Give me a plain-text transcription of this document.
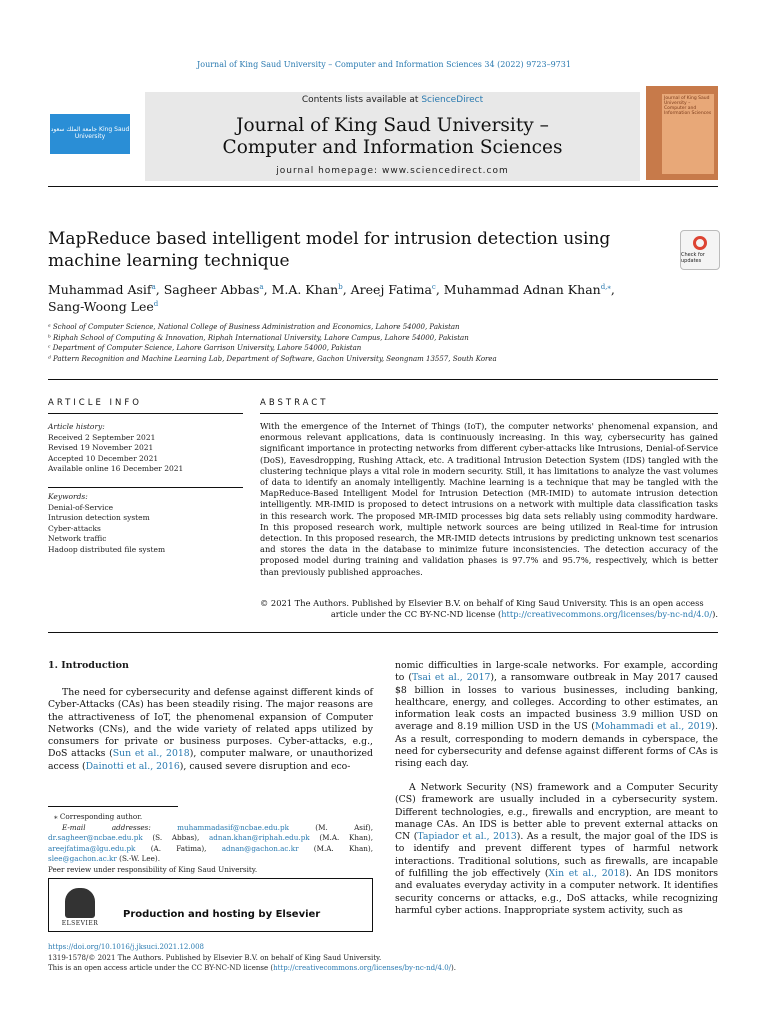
Journal of King Saud University – Computer and Information Sciences 34 (2022) 9723–9731
جامعة الملك سعود King Saud University
Contents lists available at ScienceDirect
Journal of King Saud University –
Computer and Information Sciences
journal homepage: www.sciencedirect.com
Journal of King Saud University – Computer and Information Sciences
MapReduce based intelligent model for intrusion detection using
machine learning technique	Check for updates
Muhammad Asif$^a$, Sagheer Abbas$^a$, M.A. Khan$^b$, Areej Fatima$^c$, Muhammad Adnan Khan$^{d,⁎}$,
Sang-Woong Lee$^d$
ᵃ School of Computer Science, National College of Business Administration and Economics, Lahore 54000, Pakistan
ᵇ Riphah School of Computing & Innovation, Riphah International University, Lahore Campus, Lahore 54000, Pakistan
ᶜ Department of Computer Science, Lahore Garrison University, Lahore 54000, Pakistan
ᵈ Pattern Recognition and Machine Learning Lab, Department of Software, Gachon University, Seongnam 13557, South Korea
ARTICLE INFO
Article history:
Received 2 September 2021
Revised 19 November 2021
Accepted 10 December 2021
Available online 16 December 2021
Keywords:
Denial-of-Service
Intrusion detection system
Cyber-attacks
Network traffic
Hadoop distributed file system
ABSTRACT
With the emergence of the Internet of Things (IoT), the computer networks' phenomenal expansion, and enormous relevant applications, data is continuously increasing. In this way, cybersecurity has gained significant importance in protecting networks from different cyber-attacks like Intrusions, Denial-of-Service (DoS), Eavesdropping, Rushing Attack, etc. A traditional Intrusion Detection System (IDS) tangled with the clustering technique plays a vital role in modern security. Still, it has limitations to analyze the vast volumes of data to identify an anomaly intelligently. Machine learning is a technique that may be tangled with the MapReduce-Based Intelligent Model for Intrusion Detection (MR-IMID) to automate intrusion detection intelligently. MR-IMID is proposed to detect intrusions on a network with multiple data classification tasks in this research work. The proposed MR-IMID processes big data sets reliably using commodity hardware. In this proposed research work, multiple network sources are being utilized in Real-time for intrusion detection. In this proposed research, the MR-IMID detects intrusions by predicting unknown test scenarios and stores the data in the database to minimize future inconsistencies. The detection accuracy of the proposed model during training and validation phases is 97.7% and 95.7%, respectively, which is better than previously published approaches.
© 2021 The Authors. Published by Elsevier B.V. on behalf of King Saud University. This is an open access
article under the CC BY-NC-ND license (http://creativecommons.org/licenses/by-nc-nd/4.0/).
1. Introduction
The need for cybersecurity and defense against different kinds of Cyber-Attacks (CAs) has been steadily rising. The major reasons are the attractiveness of IoT, the phenomenal expansion of Computer Networks (CNs), and the wide variety of related apps utilized by consumers for private or business purposes. Cyber-attacks, e.g., DoS attacks (Sun et al., 2018), computer malware, or unauthorized access (Dainotti et al., 2016), caused severe disruption and eco-
nomic difficulties in large-scale networks. For example, according to (Tsai et al., 2017), a ransomware outbreak in May 2017 caused $8 billion in losses to various businesses, including banking, healthcare, energy, and colleges. According to other estimates, an information leak costs an impacted business 3.9 million USD on average and 8.19 million USD in the US (Mohammadi et al., 2019). As a result, corresponding to modern demands in cyberspace, the need for cybersecurity and defense against different forms of CAs is rising each day.
A Network Security (NS) framework and a Computer Security (CS) framework are usually included in a cybersecurity system. Different technologies, e.g., firewalls and encryption, are meant to manage CAs. An IDS is better able to prevent external attacks on CN (Tapiador et al., 2013). As a result, the major goal of the IDS is to identify and prevent different types of harmful network interactions. Traditional solutions, such as firewalls, are incapable of fulfilling the job effectively (Xin et al., 2018). An IDS monitors and evaluates everyday activity in a computer network. It identifies security concerns or attacks, e.g., DoS attacks, while recognizing harmful cyber actions. Inappropriate system activity, such as
⁎ Corresponding author.
E-mail addresses: muhammadasif@ncbae.edu.pk (M. Asif), dr.sagheer@ncbae.edu.pk (S. Abbas), adnan.khan@riphah.edu.pk (M.A. Khan), areejfatima@lgu.edu.pk (A. Fatima), adnan@gachon.ac.kr (M.A. Khan), slee@gachon.ac.kr (S.-W. Lee).
Peer review under responsibility of King Saud University.
ELSEVIER
Production and hosting by Elsevier
https://doi.org/10.1016/j.jksuci.2021.12.008
1319-1578/© 2021 The Authors. Published by Elsevier B.V. on behalf of King Saud University.
This is an open access article under the CC BY-NC-ND license (http://creativecommons.org/licenses/by-nc-nd/4.0/).
